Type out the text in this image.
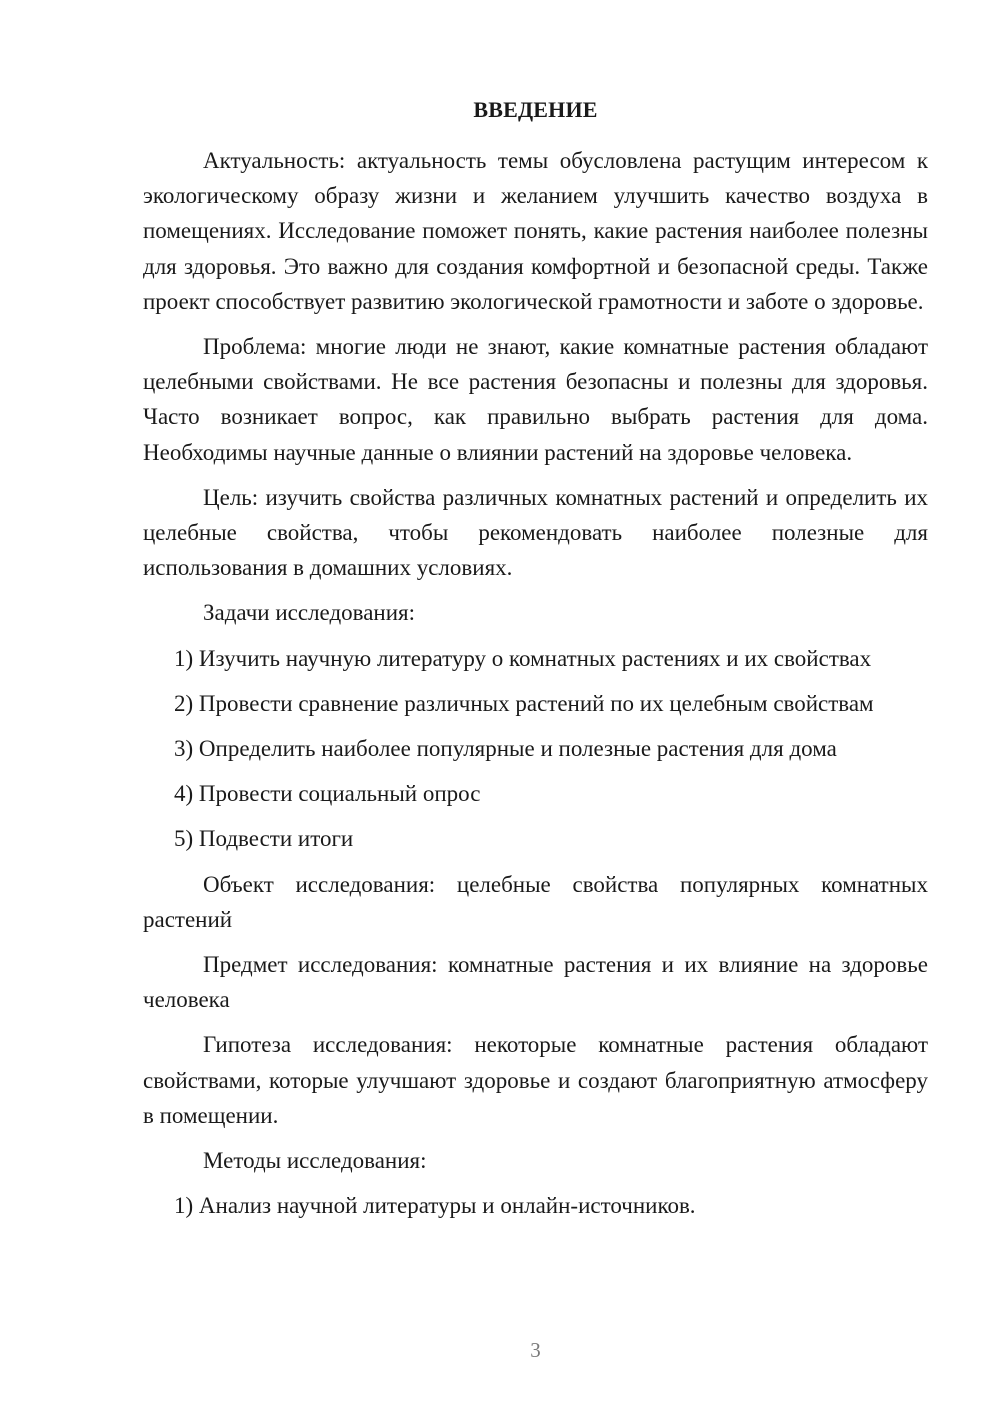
ВВЕДЕНИЕ

Актуальность: актуальность темы обусловлена растущим интересом к экологическому образу жизни и желанием улучшить качество воздуха в помещениях. Исследование поможет понять, какие растения наиболее полезны для здоровья. Это важно для создания комфортной и безопасной среды. Также проект способствует развитию экологической грамотности и заботе о здоровье.

Проблема: многие люди не знают, какие комнатные растения обладают целебными свойствами. Не все растения безопасны и полезны для здоровья. Часто возникает вопрос, как правильно выбрать растения для дома. Необходимы научные данные о влиянии растений на здоровье человека.

Цель: изучить свойства различных комнатных растений и определить их целебные свойства, чтобы рекомендовать наиболее полезные для использования в домашних условиях.

Задачи исследования:

1) Изучить научную литературу о комнатных растениях и их свойствах
2) Провести сравнение различных растений по их целебным свойствам
3) Определить наиболее популярные и полезные растения для дома
4) Провести социальный опрос
5) Подвести итоги

Объект исследования: целебные свойства популярных комнатных растений

Предмет исследования: комнатные растения и их влияние на здоровье человека

Гипотеза исследования: некоторые комнатные растения обладают свойствами, которые улучшают здоровье и создают благоприятную атмосферу в помещении.

Методы исследования:

1) Анализ научной литературы и онлайн-источников.
3
